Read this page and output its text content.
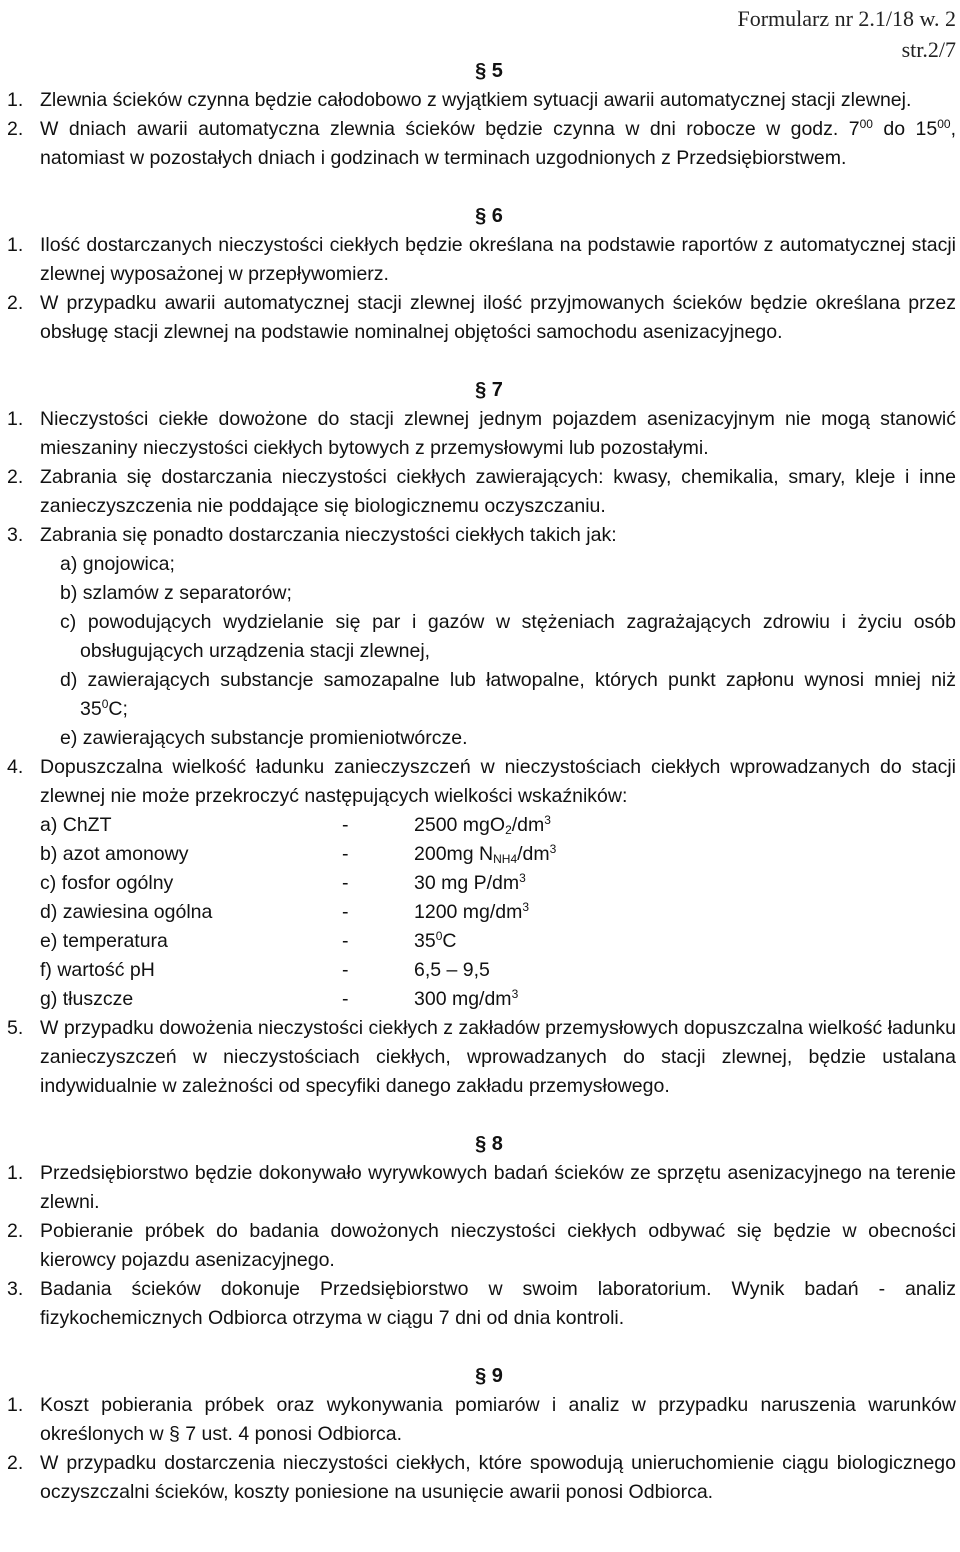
Formularz nr 2.1/18 w. 2
str.2/7
§ 5
1. Zlewnia ścieków czynna będzie całodobowo z wyjątkiem sytuacji awarii automatycznej stacji zlewnej.
2. W dniach awarii automatyczna zlewnia ścieków będzie czynna w dni robocze w godz. $7^{00}$ do $15^{00}$, natomiast w pozostałych dniach i godzinach w terminach uzgodnionych z Przedsiębiorstwem.
§ 6
1. Ilość dostarczanych nieczystości ciekłych będzie określana na podstawie raportów z automatycznej stacji zlewnej wyposażonej w przepływomierz.
2. W przypadku awarii automatycznej stacji zlewnej ilość przyjmowanych ścieków będzie określana przez obsługę stacji zlewnej na podstawie nominalnej objętości samochodu asenizacyjnego.
§ 7
1. Nieczystości ciekłe dowożone do stacji zlewnej jednym pojazdem asenizacyjnym nie mogą stanowić mieszaniny nieczystości ciekłych bytowych z przemysłowymi lub pozostałymi.
2. Zabrania się dostarczania nieczystości ciekłych zawierających: kwasy, chemikalia, smary, kleje i inne zanieczyszczenia nie poddające się biologicznemu oczyszczaniu.
3. Zabrania się ponadto dostarczania nieczystości ciekłych takich jak:
a) gnojowica;
b) szlamów z separatorów;
c) powodujących wydzielanie się par i gazów w stężeniach zagrażających zdrowiu i życiu osób obsługujących urządzenia stacji zlewnej,
d) zawierających substancje samozapalne lub łatwopalne, których punkt zapłonu wynosi mniej niż $35^0C$;
e) zawierających substancje promieniotwórcze.
4. Dopuszczalna wielkość ładunku zanieczyszczeń w nieczystościach ciekłych wprowadzanych do stacji zlewnej nie może przekroczyć następujących wielkości wskaźników:
a) ChZT	-	2500 $mgO_2/dm^3$
b) azot amonowy	-	200mg $N_{NH4}/dm^3$
c) fosfor ogólny	-	30 mg $P/dm^3$
d) zawiesina ogólna	-	1200 $mg/dm^3$
e) temperatura	-	$35^0C$
f) wartość pH	-	6,5 – 9,5
g) tłuszcze	-	300 $mg/dm^3$
5. W przypadku dowożenia nieczystości ciekłych z zakładów przemysłowych dopuszczalna wielkość ładunku zanieczyszczeń w nieczystościach ciekłych, wprowadzanych do stacji zlewnej, będzie ustalana indywidualnie w zależności od specyfiki danego zakładu przemysłowego.
§ 8
1. Przedsiębiorstwo będzie dokonywało wyrywkowych badań ścieków ze sprzętu asenizacyjnego na terenie zlewni.
2. Pobieranie próbek do badania dowożonych nieczystości ciekłych odbywać się będzie w obecności kierowcy pojazdu asenizacyjnego.
3. Badania ścieków dokonuje Przedsiębiorstwo w swoim laboratorium. Wynik badań - analiz fizykochemicznych Odbiorca otrzyma w ciągu 7 dni od dnia kontroli.
§ 9
1. Koszt pobierania próbek oraz wykonywania pomiarów i analiz w przypadku naruszenia warunków określonych w § 7 ust. 4 ponosi Odbiorca.
2. W przypadku dostarczenia nieczystości ciekłych, które spowodują unieruchomienie ciągu biologicznego oczyszczalni ścieków, koszty poniesione na usunięcie awarii ponosi Odbiorca.
